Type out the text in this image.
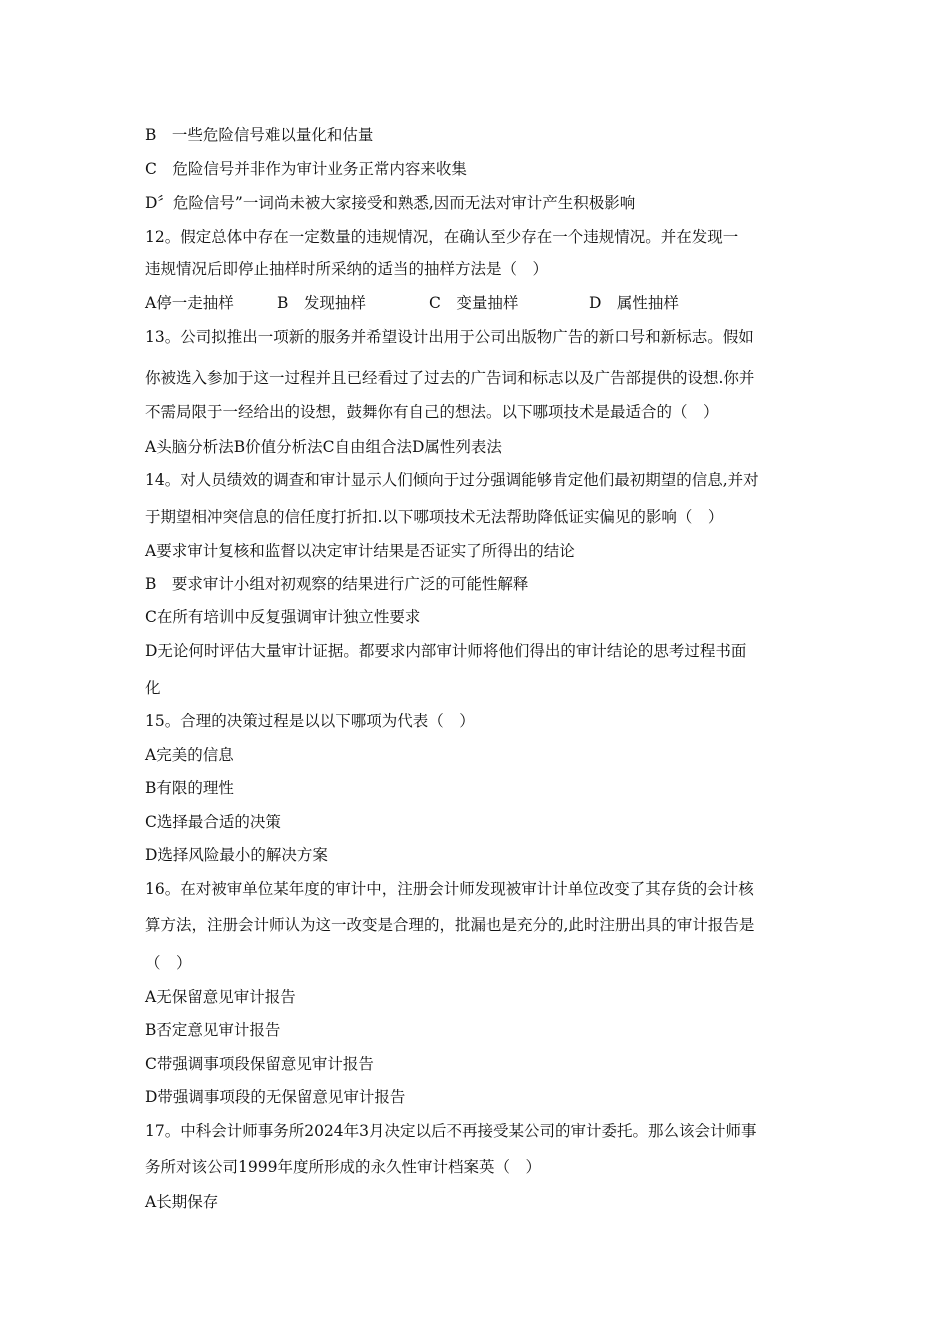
B　一些危险信号难以量化和估量
C　危险信号并非作为审计业务正常内容来收集
D〞危险信号”一词尚未被大家接受和熟悉,因而无法对审计产生积极影响
12。假定总体中存在一定数量的违规情况，在确认至少存在一个违规情况。并在发现一
违规情况后即停止抽样时所采纳的适当的抽样方法是（　）
A停一走抽样	B　发现抽样	C　变量抽样	D　属性抽样
13。公司拟推出一项新的服务并希望设计出用于公司出版物广告的新口号和新标志。假如
你被选入参加于这一过程并且已经看过了过去的广告词和标志以及广告部提供的设想.你并
不需局限于一经给出的设想，鼓舞你有自己的想法。以下哪项技术是最适合的（　）
A头脑分析法B价值分析法C自由组合法D属性列表法
14。对人员绩效的调查和审计显示人们倾向于过分强调能够肯定他们最初期望的信息,并对
于期望相冲突信息的信任度打折扣.以下哪项技术无法帮助降低证实偏见的影响（　）
A要求审计复核和监督以决定审计结果是否证实了所得出的结论
B　要求审计小组对初观察的结果进行广泛的可能性解释
C在所有培训中反复强调审计独立性要求
D无论何时评估大量审计证据。都要求内部审计师将他们得出的审计结论的思考过程书面
化
15。合理的决策过程是以以下哪项为代表（　）
A完美的信息
B有限的理性
C选择最合适的决策
D选择风险最小的解决方案
16。在对被审单位某年度的审计中，注册会计师发现被审计计单位改变了其存货的会计核
算方法，注册会计师认为这一改变是合理的，批漏也是充分的,此时注册出具的审计报告是
（　）
A无保留意见审计报告
B否定意见审计报告
C带强调事项段保留意见审计报告
D带强调事项段的无保留意见审计报告
17。中科会计师事务所2024年3月决定以后不再接受某公司的审计委托。那么该会计师事
务所对该公司1999年度所形成的永久性审计档案英（　）
A长期保存
